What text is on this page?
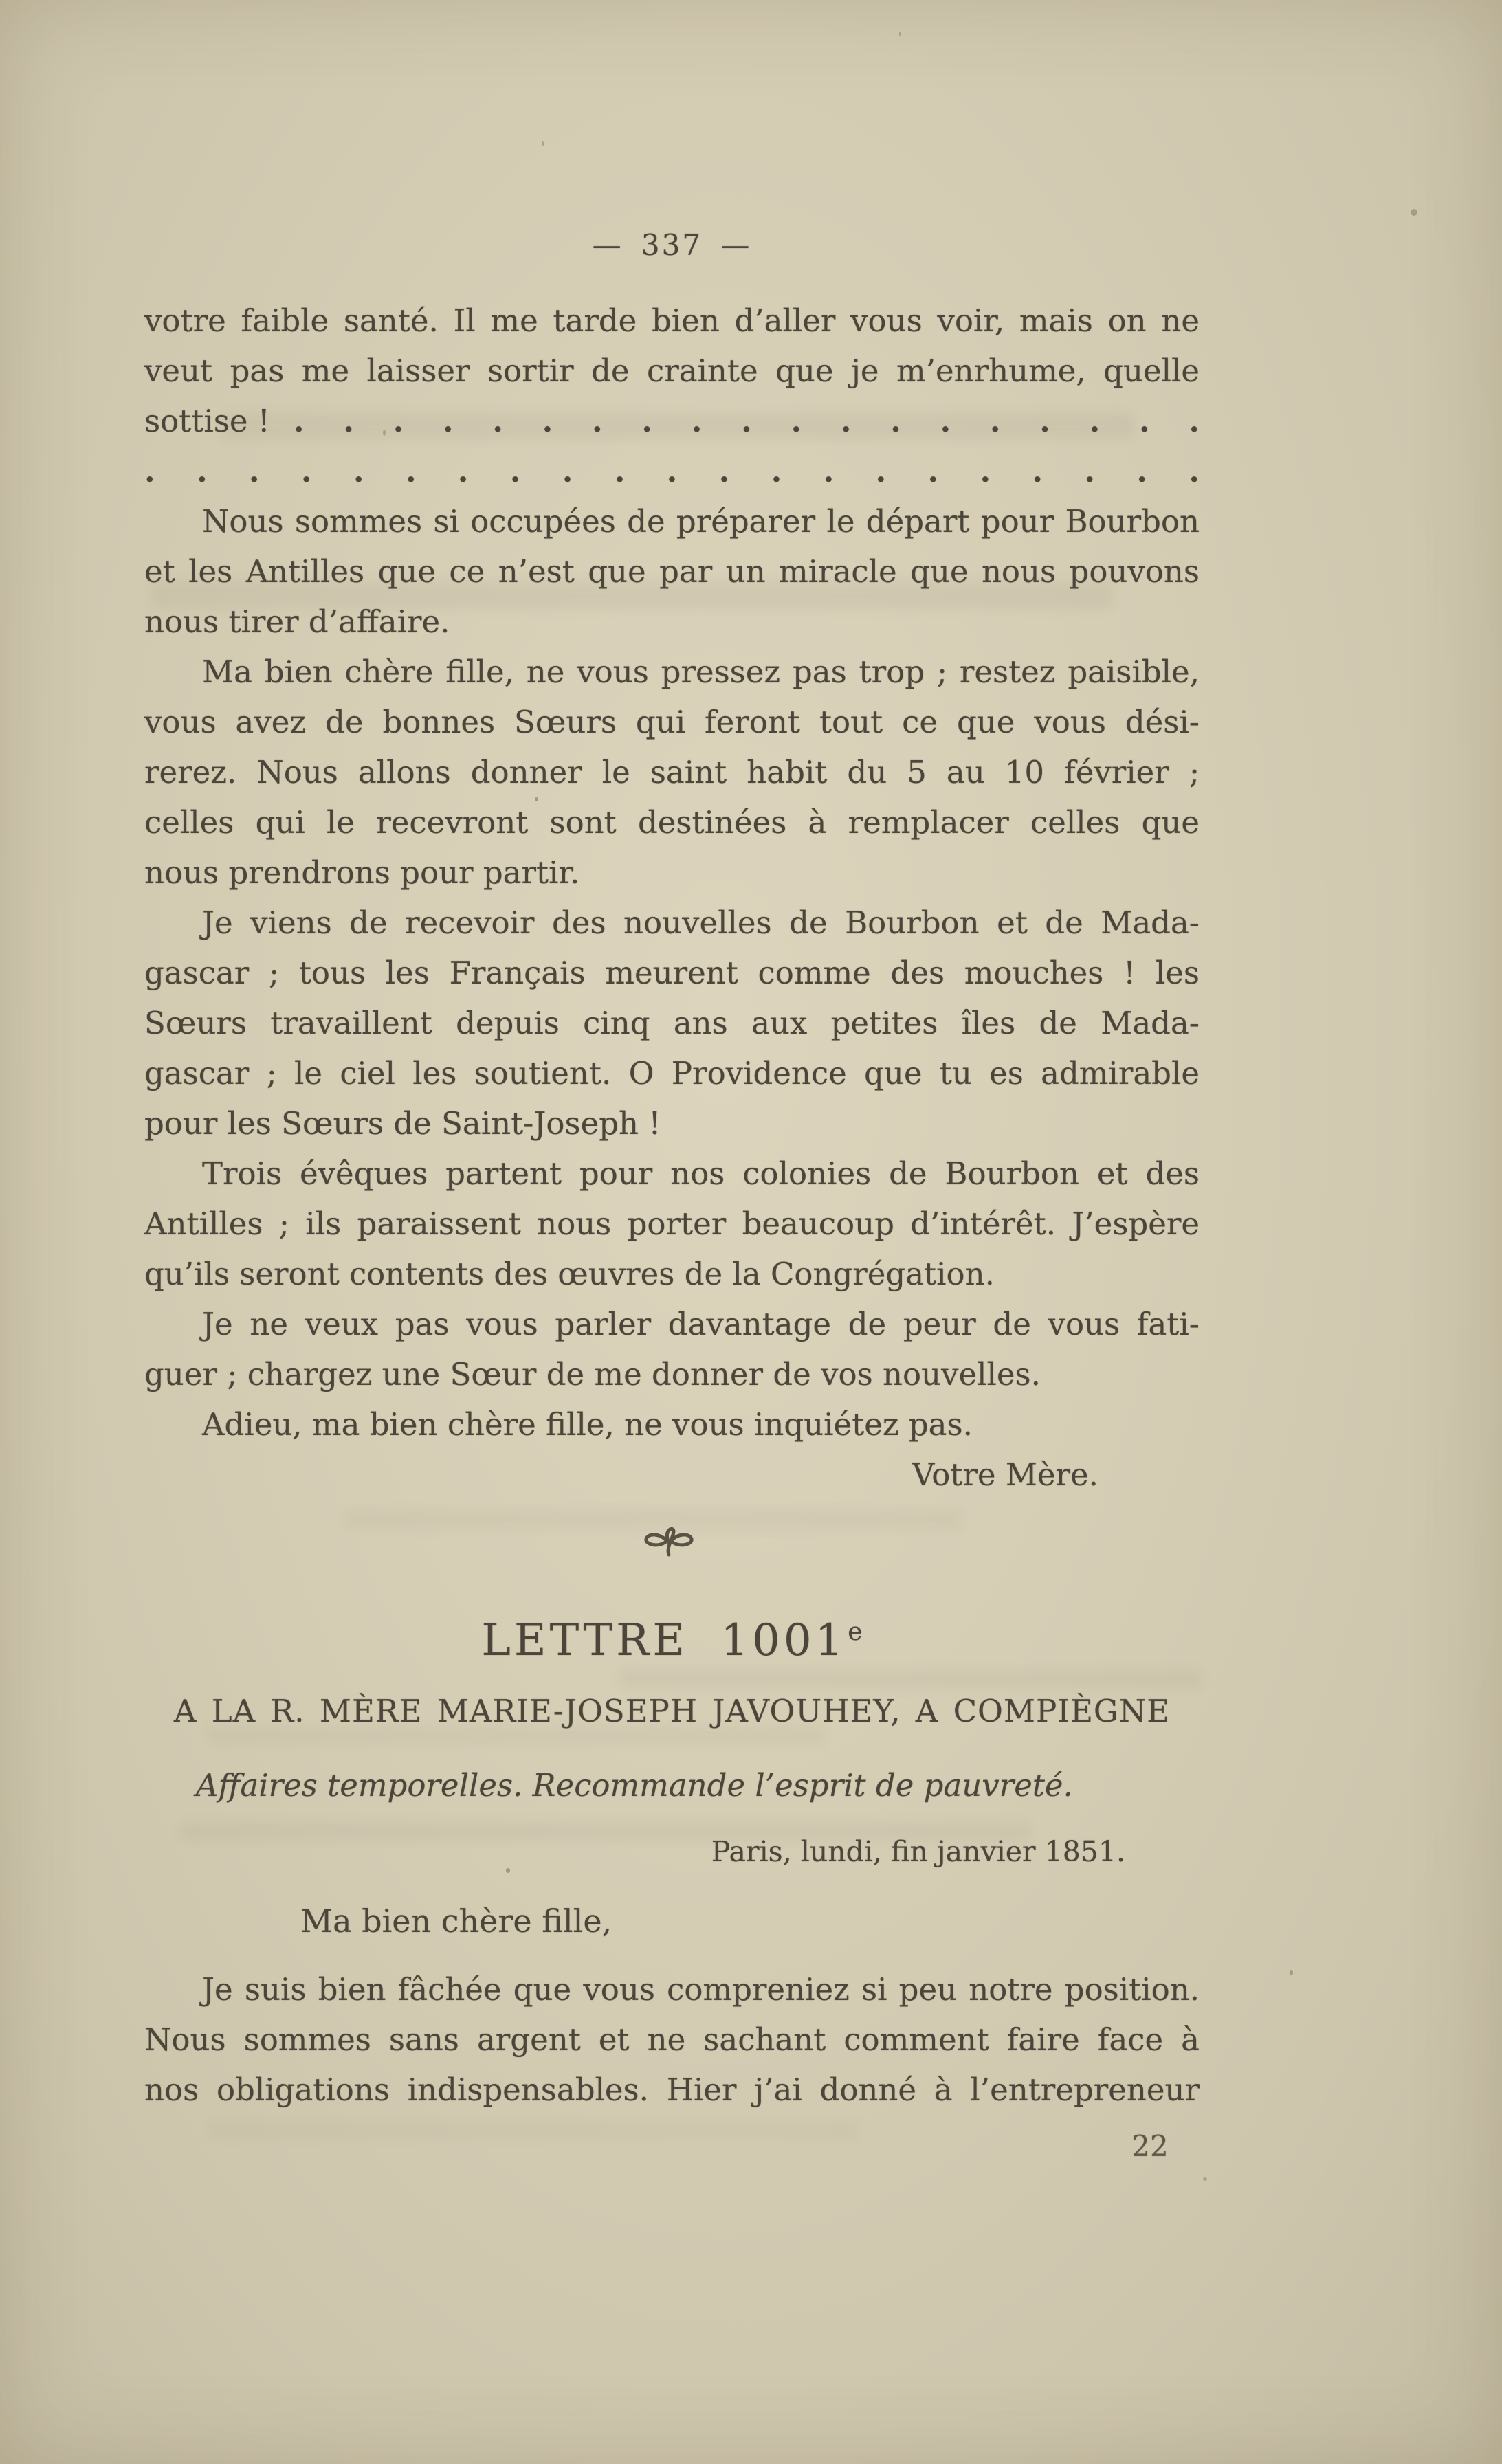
— 337 —
votre faible santé. Il me tarde bien d’aller vous voir, mais on ne
veut pas me laisser sortir de crainte que je m’enrhume, quelle
sottise ! . . . . . . . . . . . . . . . . . . .
. . . . . . . . . . . . . . . . . . . . .
Nous sommes si occupées de préparer le départ pour Bourbon
et les Antilles que ce n’est que par un miracle que nous pouvons
nous tirer d’affaire.
Ma bien chère fille, ne vous pressez pas trop ; restez paisible,
vous avez de bonnes Sœurs qui feront tout ce que vous dési-
rerez. Nous allons donner le saint habit du 5 au 10 février ;
celles qui le recevront sont destinées à remplacer celles que
nous prendrons pour partir.
Je viens de recevoir des nouvelles de Bourbon et de Mada-
gascar ; tous les Français meurent comme des mouches ! les
Sœurs travaillent depuis cinq ans aux petites îles de Mada-
gascar ; le ciel les soutient. O Providence que tu es admirable
pour les Sœurs de Saint-Joseph !
Trois évêques partent pour nos colonies de Bourbon et des
Antilles ; ils paraissent nous porter beaucoup d’intérêt. J’espère
qu’ils seront contents des œuvres de la Congrégation.
Je ne veux pas vous parler davantage de peur de vous fati-
guer ; chargez une Sœur de me donner de vos nouvelles.
Adieu, ma bien chère fille, ne vous inquiétez pas.
Votre Mère.
LETTRE 1001e
A LA R. MÈRE MARIE-JOSEPH JAVOUHEY, A COMPIÈGNE
Affaires temporelles. Recommande l’esprit de pauvreté.
Paris, lundi, fin janvier 1851.
Ma bien chère fille,
Je suis bien fâchée que vous compreniez si peu notre position.
Nous sommes sans argent et ne sachant comment faire face à
nos obligations indispensables. Hier j’ai donné à l’entrepreneur
22
